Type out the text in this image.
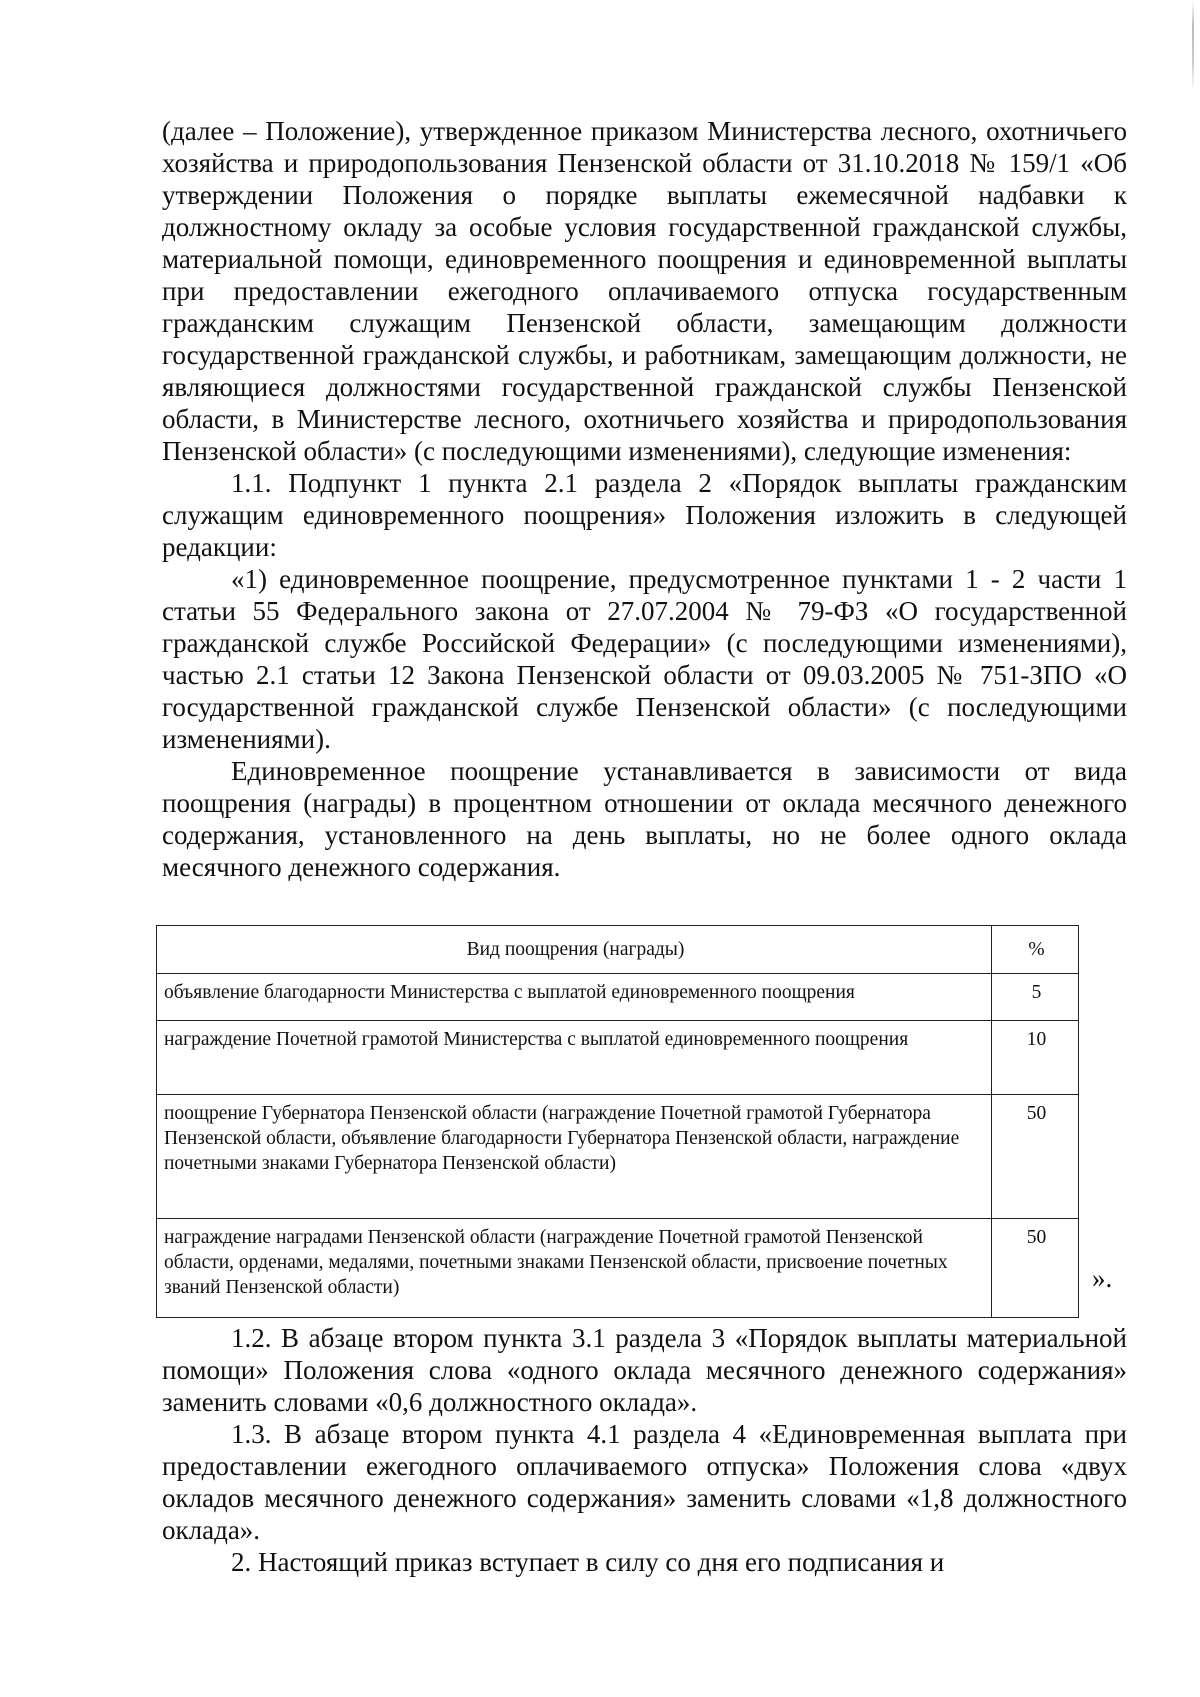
(далее – Положение), утвержденное приказом Министерства лесного, охотничьего хозяйства и природопользования Пензенской области от 31.10.2018 № 159/1 «Об утверждении Положения о порядке выплаты ежемесячной надбавки к должностному окладу за особые условия государственной гражданской службы, материальной помощи, единовременного поощрения и единовременной выплаты при предоставлении ежегодного оплачиваемого отпуска государственным гражданским служащим Пензенской области, замещающим должности государственной гражданской службы, и работникам, замещающим должности, не являющиеся должностями государственной гражданской службы Пензенской области, в Министерстве лесного, охотничьего хозяйства и природопользования Пензенской области» (с последующими изменениями), следующие изменения:

1.1. Подпункт 1 пункта 2.1 раздела 2 «Порядок выплаты гражданским служащим единовременного поощрения» Положения изложить в следующей редакции:

«1) единовременное поощрение, предусмотренное пунктами 1 - 2 части 1 статьи 55 Федерального закона от 27.07.2004 № 79-ФЗ «О государственной гражданской службе Российской Федерации» (с последующими изменениями), частью 2.1 статьи 12 Закона Пензенской области от 09.03.2005 № 751-ЗПО «О государственной гражданской службе Пензенской области» (с последующими изменениями).

Единовременное поощрение устанавливается в зависимости от вида поощрения (награды) в процентном отношении от оклада месячного денежного содержания, установленного на день выплаты, но не более одного оклада месячного денежного содержания.

Вид поощрения (награды)	%
объявление благодарности Министерства с выплатой единовременного поощрения	5
награждение Почетной грамотой Министерства с выплатой единовременного поощрения	10
поощрение Губернатора Пензенской области (награждение Почетной грамотой Губернатора Пензенской области, объявление благодарности Губернатора Пензенской области, награждение почетными знаками Губернатора Пензенской области)	50
награждение наградами Пензенской области (награждение Почетной грамотой Пензенской области, орденами, медалями, почетными знаками Пензенской области, присвоение почетных званий Пензенской области)	50
».

1.2. В абзаце втором пункта 3.1 раздела 3 «Порядок выплаты материальной помощи» Положения слова «одного оклада месячного денежного содержания» заменить словами «0,6 должностного оклада».

1.3. В абзаце втором пункта 4.1 раздела 4 «Единовременная выплата при предоставлении ежегодного оплачиваемого отпуска» Положения слова «двух окладов месячного денежного содержания» заменить словами «1,8 должностного оклада».

2. Настоящий приказ вступает в силу со дня его подписания и
